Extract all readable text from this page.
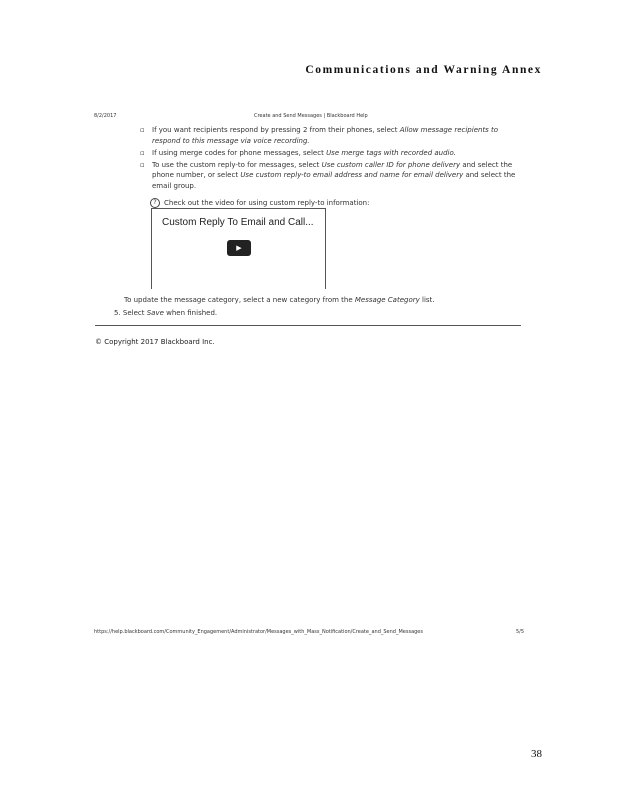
Communications and Warning Annex
8/2/2017	Create and Send Messages | Blackboard Help
▫ If you want recipients respond by pressing 2 from their phones, select Allow message recipients to respond to this message via voice recording.
▫ If using merge codes for phone messages, select Use merge tags with recorded audio.
▫ To use the custom reply-to for messages, select Use custom caller ID for phone delivery and select the phone number, or select Use custom reply-to email address and name for email delivery and select the email group.
?	Check out the video for using custom reply-to information:
Custom Reply To Email and Call...
▶
To update the message category, select a new category from the Message Category list.
5. Select Save when finished.
© Copyright 2017 Blackboard Inc.
https://help.blackboard.com/Community_Engagement/Administrator/Messages_with_Mass_Notification/Create_and_Send_Messages	5/5
38
